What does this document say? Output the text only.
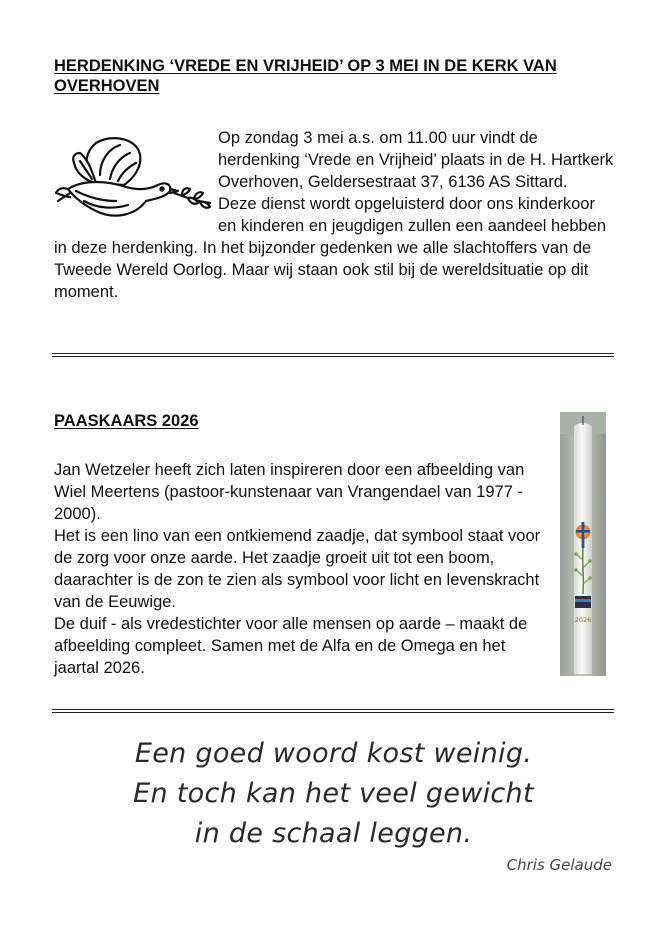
HERDENKING ‘VREDE EN VRIJHEID’ OP 3 MEI IN DE KERK VAN OVERHOVEN

Op zondag 3 mei a.s. om 11.00 uur vindt de herdenking ‘Vrede en Vrijheid’ plaats in de H. Hartkerk Overhoven, Geldersestraat 37, 6136 AS Sittard.

Deze dienst wordt opgeluisterd door ons kinderkoor en kinderen en jeugdigen zullen een aandeel hebben in deze herdenking. In het bijzonder gedenken we alle slachtoffers van de Tweede Wereld Oorlog. Maar wij staan ook stil bij de wereldsituatie op dit moment.

PAASKAARS 2026

Jan Wetzeler heeft zich laten inspireren door een afbeelding van Wiel Meertens (pastoor-kunstenaar van Vrangendael van 1977 - 2000).

Het is een lino van een ontkiemend zaadje, dat symbool staat voor de zorg voor onze aarde. Het zaadje groeit uit tot een boom, daarachter is de zon te zien als symbool voor licht en levenskracht van de Eeuwige.

De duif - als vredestichter voor alle mensen op aarde – maakt de afbeelding compleet. Samen met de Alfa en de Omega en het jaartal 2026.

2026
Een goed woord kost weinig.
En toch kan het veel gewicht
in de schaal leggen.
Chris Gelaude
